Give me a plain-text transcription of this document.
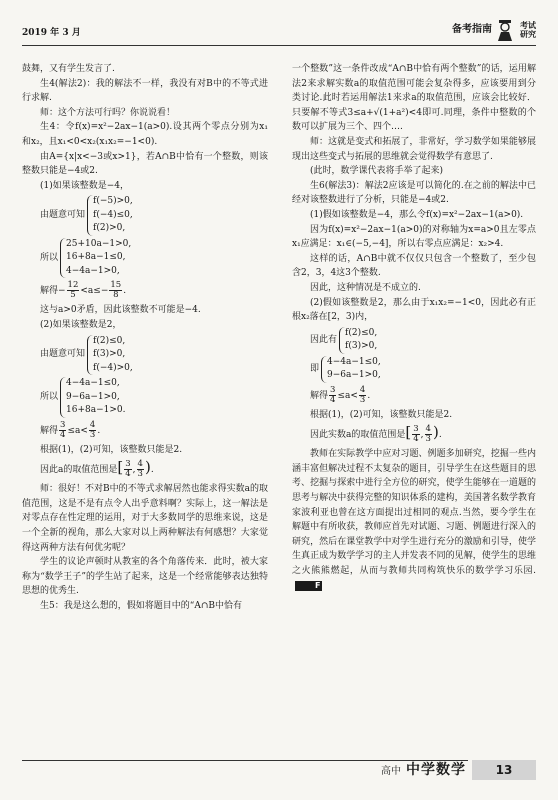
2019 年 3 月	备考指南	考试
研究

鼓舞，又有学生发言了.

生4(解法2)：我的解法不一样，我没有对B中的不等式进行求解.

师：这个方法可行吗？你说说看！

生4：令f(x)=x²−2ax−1(a>0).设其两个零点分别为x₁和x₂，且x₁<0<x₂(x₁x₂=−1<0).

由A={x|x<−3或x>1}，若A∩B中恰有一个整数，则该整数只能是−4或2.

(1)如果该整数是−4，

由题意可知
f(−5)>0,
f(−4)≤0,
f(2)>0,
所以
25+10a−1>0,
16+8a−1≤0,
4−4a−1>0,

解得− $\frac{12}{5} <a\le- \frac{15}{8}$ .

这与a>0矛盾，因此该整数不可能是−4.

(2)如果该整数是2，

由题意可知
f(2)≤0,
f(3)>0,
f(−4)>0,
所以
4−4a−1≤0,
9−6a−1>0,
16+8a−1>0.

解得 $\frac{3}{4} \le a< \frac{4}{3}$ .

根据(1)，(2)可知，该整数只能是2.

因此a的取值范围是[ $\frac{3}{4}$ , $\frac{4}{3}$ ).

师：很好！不对B中的不等式求解居然也能求得实数a的取值范围，这是不是有点令人出乎意料啊？实际上，这一解法是对零点存在性定理的运用，对于大多数同学的思维来说，这是一个全新的视角，那么大家对以上两种解法有何感想？大家觉得这两种方法有何优劣呢？

学生的议论声顿时从教室的各个角落传来．此时，被大家称为“数学王子”的学生站了起来，这是一个经常能够表达独特思想的优秀生.

生5：我是这么想的，假如将题目中的“A∩B中恰有

一个整数”这一条件改成“A∩B中恰有两个整数”的话，运用解法2来求解实数a的取值范围可能会复杂得多，应该要用到分类讨论.此时若运用解法1来求a的取值范围，应该会比较好．只要解不等式3≤a+√(1+a²)<4即可.同理，条件中整数的个数可以扩展为三个、四个….

师：这就是变式和拓展了，非常好，学习数学如果能够展现出这些变式与拓展的思维就会觉得数学有意思了.

(此时，数学课代表将手举了起来)

生6(解法3)：解法2应该是可以简化的.在之前的解法中已经对该整数进行了分析，只能是−4或2.

(1)假如该整数是−4，那么令f(x)=x²−2ax−1(a>0).

因为f(x)=x²−2ax−1(a>0)的对称轴为x=a>0且左零点x₁应满足：x₁∈(−5,−4]，所以右零点应满足：x₂>4.

这样的话，A∩B中就不仅仅只包含一个整数了，至少包含2，3，4这3个整数.

因此，这种情况是不成立的.

(2)假如该整数是2，那么由于x₁x₂=−1<0，因此必有正根x₂落在[2，3)内，

因此有
f(2)≤0,
f(3)>0,
即
4−4a−1≤0,
9−6a−1>0,

解得 $\frac{3}{4} \le a< \frac{4}{3}$ .

根据(1)，(2)可知，该整数只能是2.

因此实数a的取值范围是[ $\frac{3}{4}$ , $\frac{4}{3}$ ).

教师在实际教学中应对习题、例题多加研究，挖掘一些内涵丰富但解决过程不太复杂的题目，引导学生在这些题目的思考、挖掘与探索中进行全方位的研究，使学生能够在一道题的思考与解决中获得完整的知识体系的建构，美国著名数学教育家波利亚也曾在这方面提出过相同的观点.当然，要今学生在解题中有所收获，教师应首先对试题、习题、例题进行深入的研究，然后在课堂教学中对学生进行充分的激励和引导，使学生真正成为数学学习的主人并发表不同的见解，使学生的思维之火熊熊燃起，从而与教师共同构筑快乐的数学学习乐园.F

高中 中学数学	13
